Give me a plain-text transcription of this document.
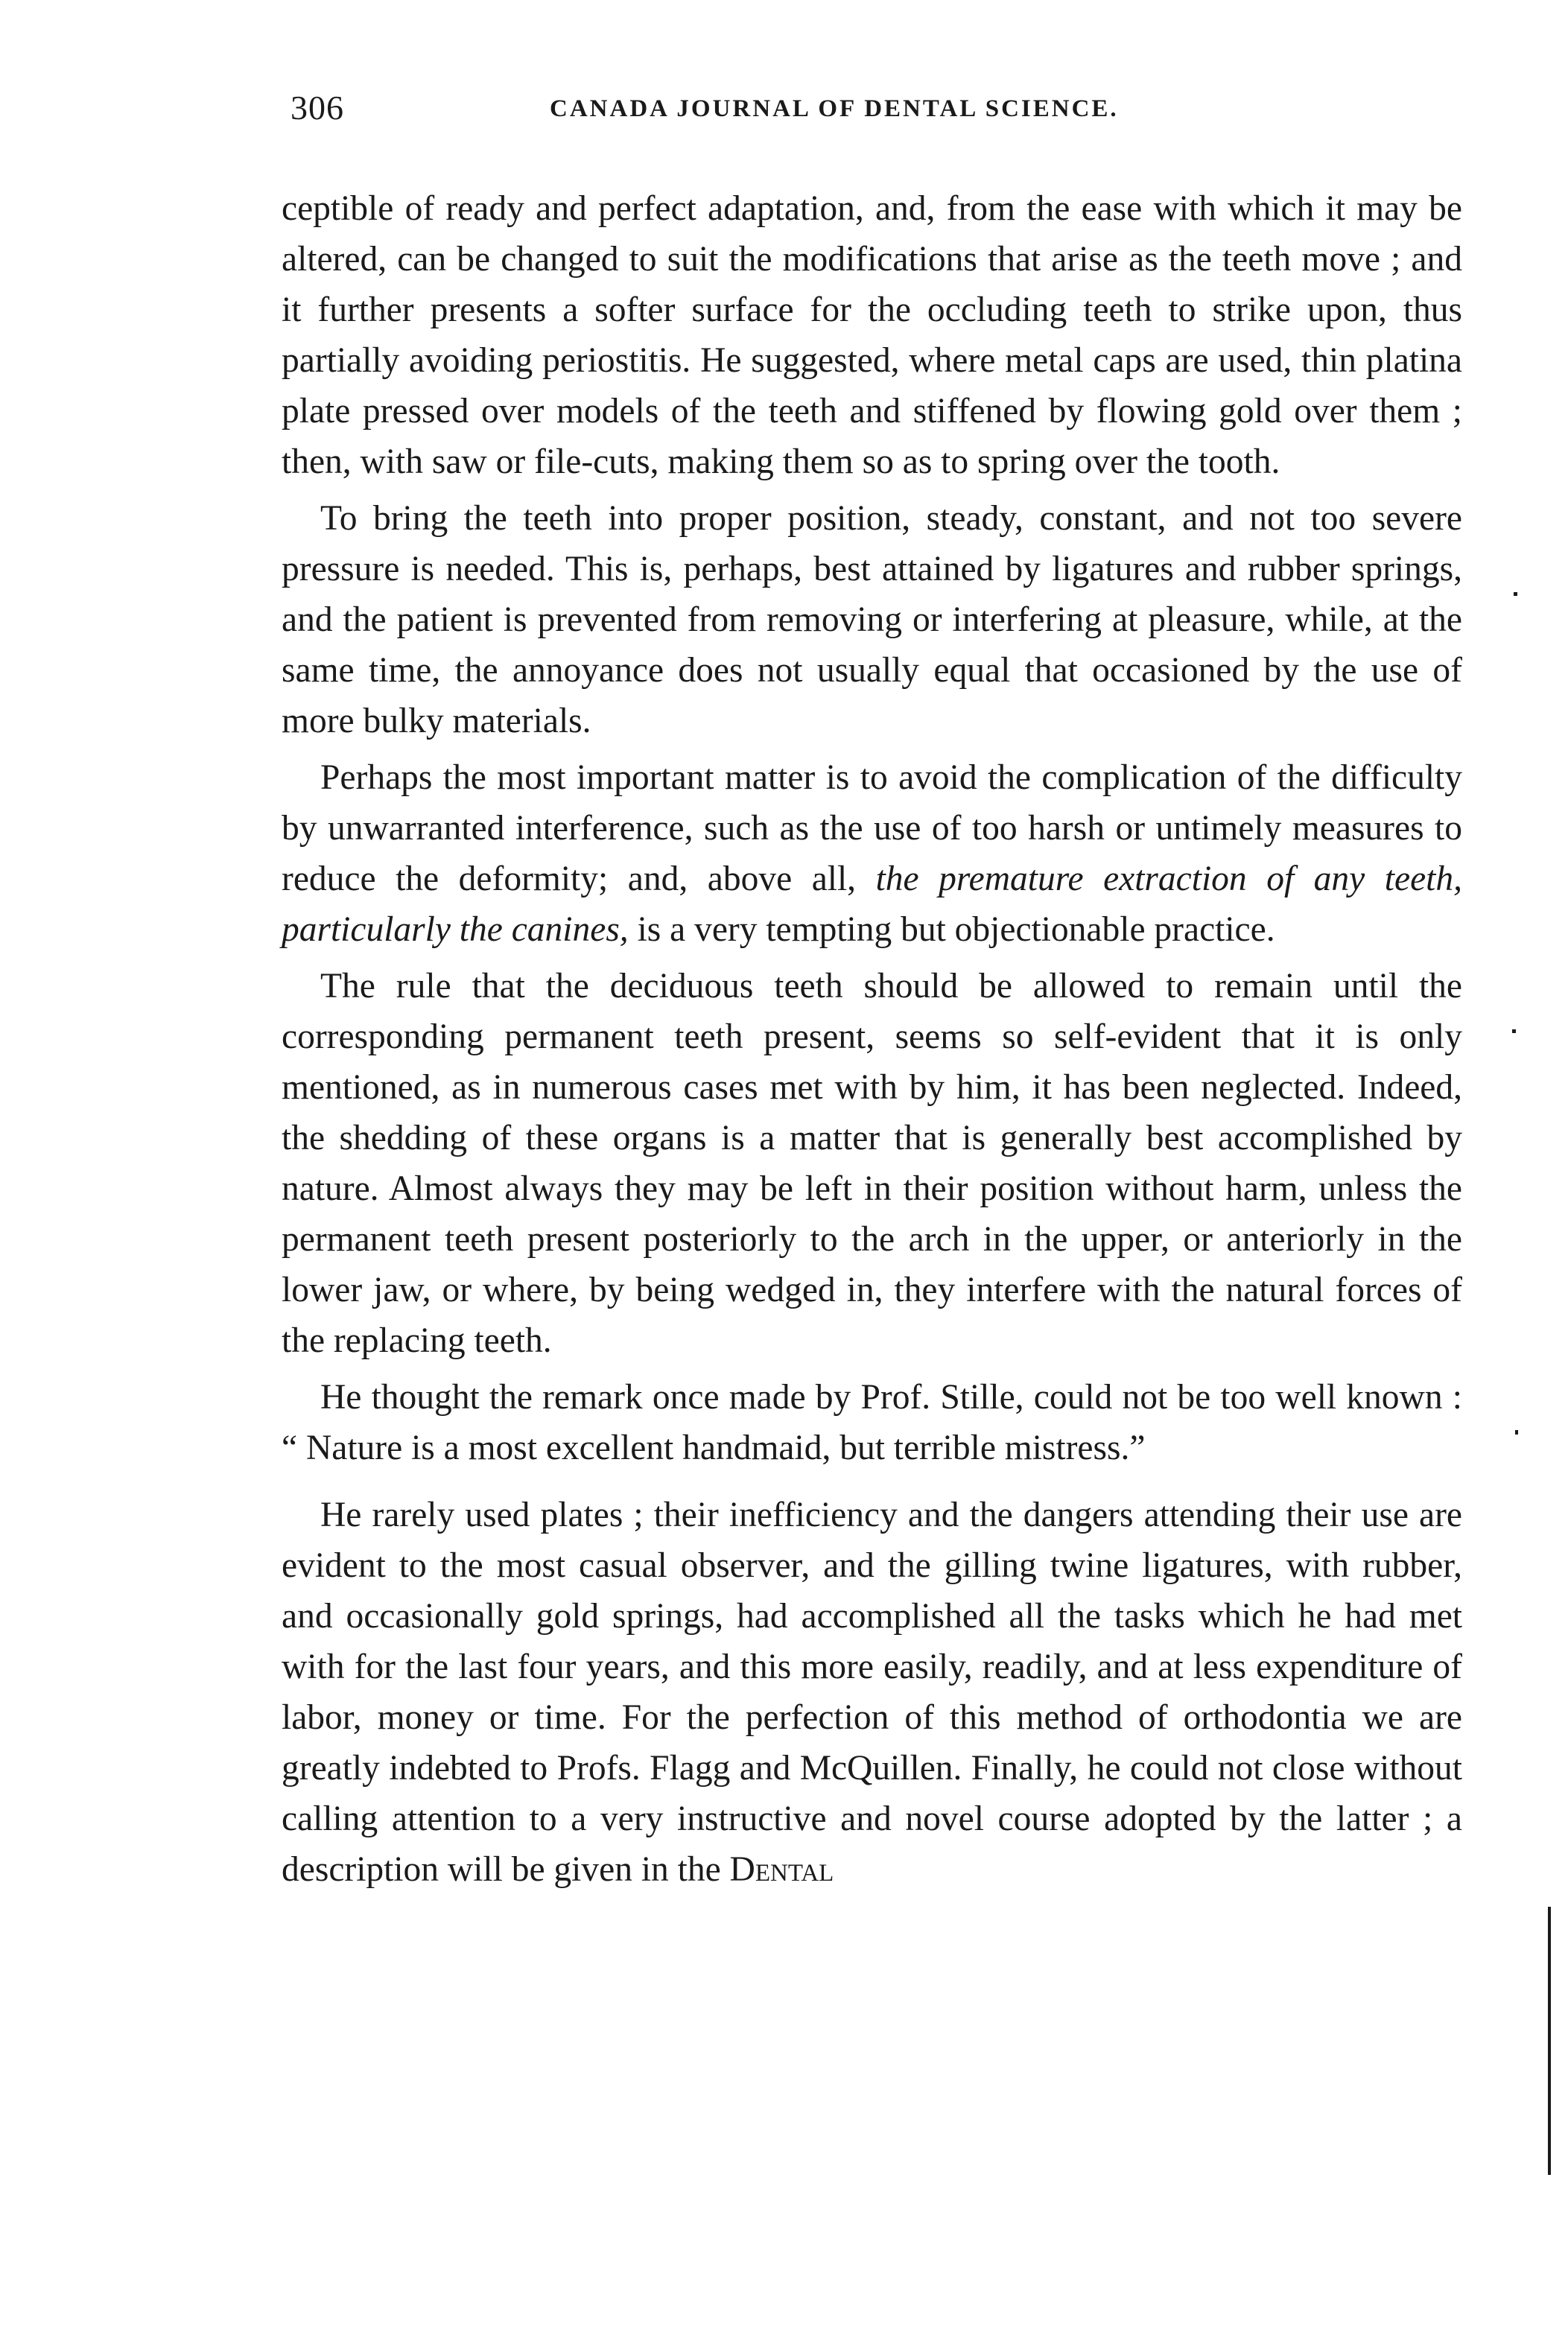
306	CANADA JOURNAL OF DENTAL SCIENCE.

ceptible of ready and perfect adaptation, and, from the ease with which it may be altered, can be changed to suit the modifications that arise as the teeth move ; and it further presents a softer surface for the occluding teeth to strike upon, thus partially avoiding periostitis. He suggested, where metal caps are used, thin platina plate pressed over models of the teeth and stiffened by flowing gold over them ; then, with saw or file-cuts, making them so as to spring over the tooth.

To bring the teeth into proper position, steady, constant, and not too severe pressure is needed. This is, perhaps, best attained by ligatures and rubber springs, and the patient is prevented from removing or interfering at pleasure, while, at the same time, the annoyance does not usually equal that occasioned by the use of more bulky materials.

Perhaps the most important matter is to avoid the complication of the difficulty by unwarranted interference, such as the use of too harsh or untimely measures to reduce the deformity; and, above all, the premature extraction of any teeth, particularly the canines, is a very tempting but objectionable practice.

The rule that the deciduous teeth should be allowed to remain until the corresponding permanent teeth present, seems so self-evident that it is only mentioned, as in numerous cases met with by him, it has been neglected. Indeed, the shedding of these organs is a matter that is generally best accomplished by nature. Almost always they may be left in their position without harm, unless the permanent teeth present posteriorly to the arch in the upper, or anteriorly in the lower jaw, or where, by being wedged in, they interfere with the natural forces of the replacing teeth.

He thought the remark once made by Prof. Stille, could not be too well known : “ Nature is a most excellent handmaid, but terrible mistress.”

He rarely used plates ; their inefficiency and the dangers attending their use are evident to the most casual observer, and the gilling twine ligatures, with rubber, and occasionally gold springs, had accomplished all the tasks which he had met with for the last four years, and this more easily, readily, and at less expenditure of labor, money or time. For the perfection of this method of orthodontia we are greatly indebted to Profs. Flagg and McQuillen. Finally, he could not close without calling attention to a very instructive and novel course adopted by the latter ; a description will be given in the Dental
